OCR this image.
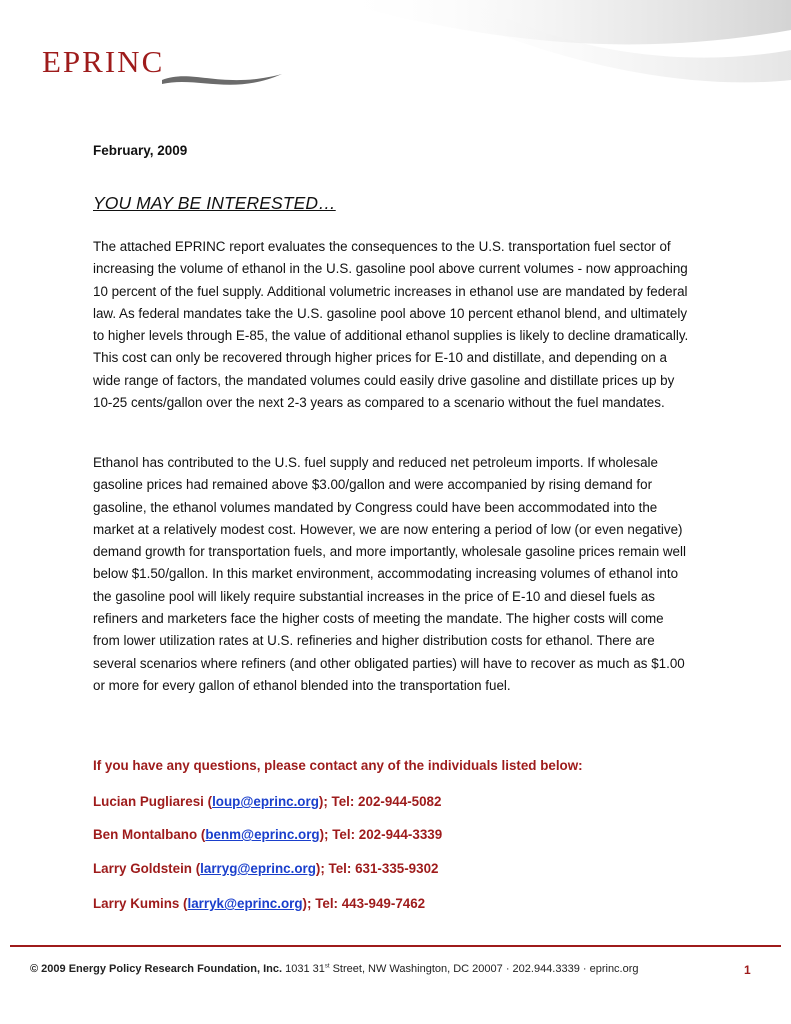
EPRINC
February, 2009
YOU MAY BE INTERESTED…

The attached EPRINC report evaluates the consequences to the U.S. transportation fuel sector of increasing the volume of ethanol in the U.S. gasoline pool above current volumes - now approaching 10 percent of the fuel supply. Additional volumetric increases in ethanol use are mandated by federal law. As federal mandates take the U.S. gasoline pool above 10 percent ethanol blend, and ultimately to higher levels through E-85, the value of additional ethanol supplies is likely to decline dramatically. This cost can only be recovered through higher prices for E-10 and distillate, and depending on a wide range of factors, the mandated volumes could easily drive gasoline and distillate prices up by 10-25 cents/gallon over the next 2-3 years as compared to a scenario without the fuel mandates.

Ethanol has contributed to the U.S. fuel supply and reduced net petroleum imports. If wholesale gasoline prices had remained above $3.00/gallon and were accompanied by rising demand for gasoline, the ethanol volumes mandated by Congress could have been accommodated into the market at a relatively modest cost. However, we are now entering a period of low (or even negative) demand growth for transportation fuels, and more importantly, wholesale gasoline prices remain well below $1.50/gallon. In this market environment, accommodating increasing volumes of ethanol into the gasoline pool will likely require substantial increases in the price of E-10 and diesel fuels as refiners and marketers face the higher costs of meeting the mandate. The higher costs will come from lower utilization rates at U.S. refineries and higher distribution costs for ethanol. There are several scenarios where refiners (and other obligated parties) will have to recover as much as $1.00 or more for every gallon of ethanol blended into the transportation fuel.

If you have any questions, please contact any of the individuals listed below:
Lucian Pugliaresi (loup@eprinc.org); Tel: 202-944-5082
Ben Montalbano (benm@eprinc.org); Tel: 202-944-3339
Larry Goldstein (larryg@eprinc.org); Tel: 631-335-9302
Larry Kumins (larryk@eprinc.org); Tel: 443-949-7462
© 2009 Energy Policy Research Foundation, Inc. 1031 31st Street, NW Washington, DC 20007 · 202.944.3339 · eprinc.org	1
